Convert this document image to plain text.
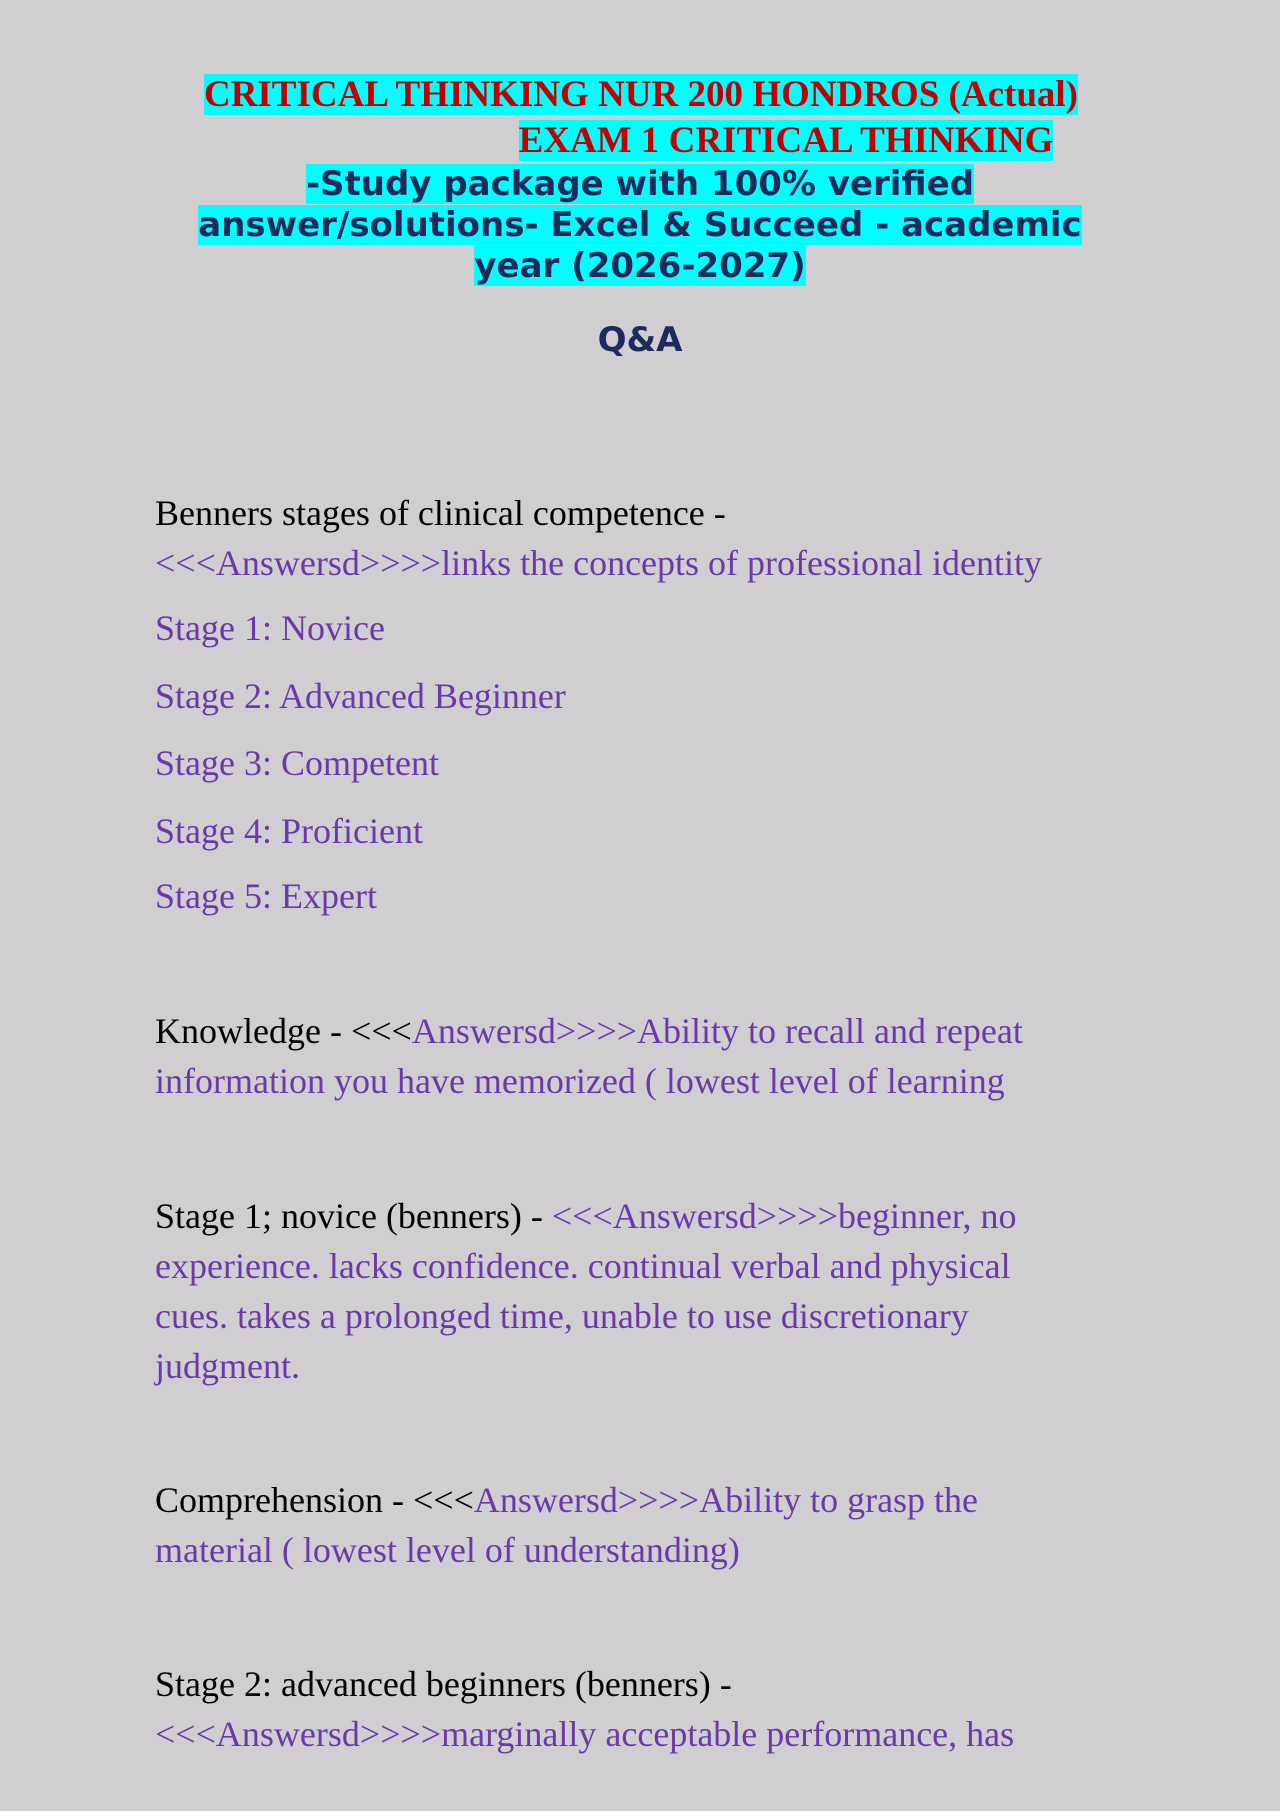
CRITICAL THINKING NUR 200 HONDROS (Actual)
EXAM 1 CRITICAL THINKING
-Study package with 100% verified
answer/solutions- Excel & Succeed - academic
year (2026-2027)
Q&A
Benners stages of clinical competence -
<<<Answersd>>>>links the concepts of professional identity
Stage 1: Novice
Stage 2: Advanced Beginner
Stage 3: Competent
Stage 4: Proficient
Stage 5: Expert
Knowledge - <<<Answersd>>>>Ability to recall and repeat
information you have memorized ( lowest level of learning
Stage 1; novice (benners) - <<<Answersd>>>>beginner, no
experience. lacks confidence. continual verbal and physical
cues. takes a prolonged time, unable to use discretionary
judgment.
Comprehension - <<<Answersd>>>>Ability to grasp the
material ( lowest level of understanding)
Stage 2: advanced beginners (benners) -
<<<Answersd>>>>marginally acceptable performance, has
